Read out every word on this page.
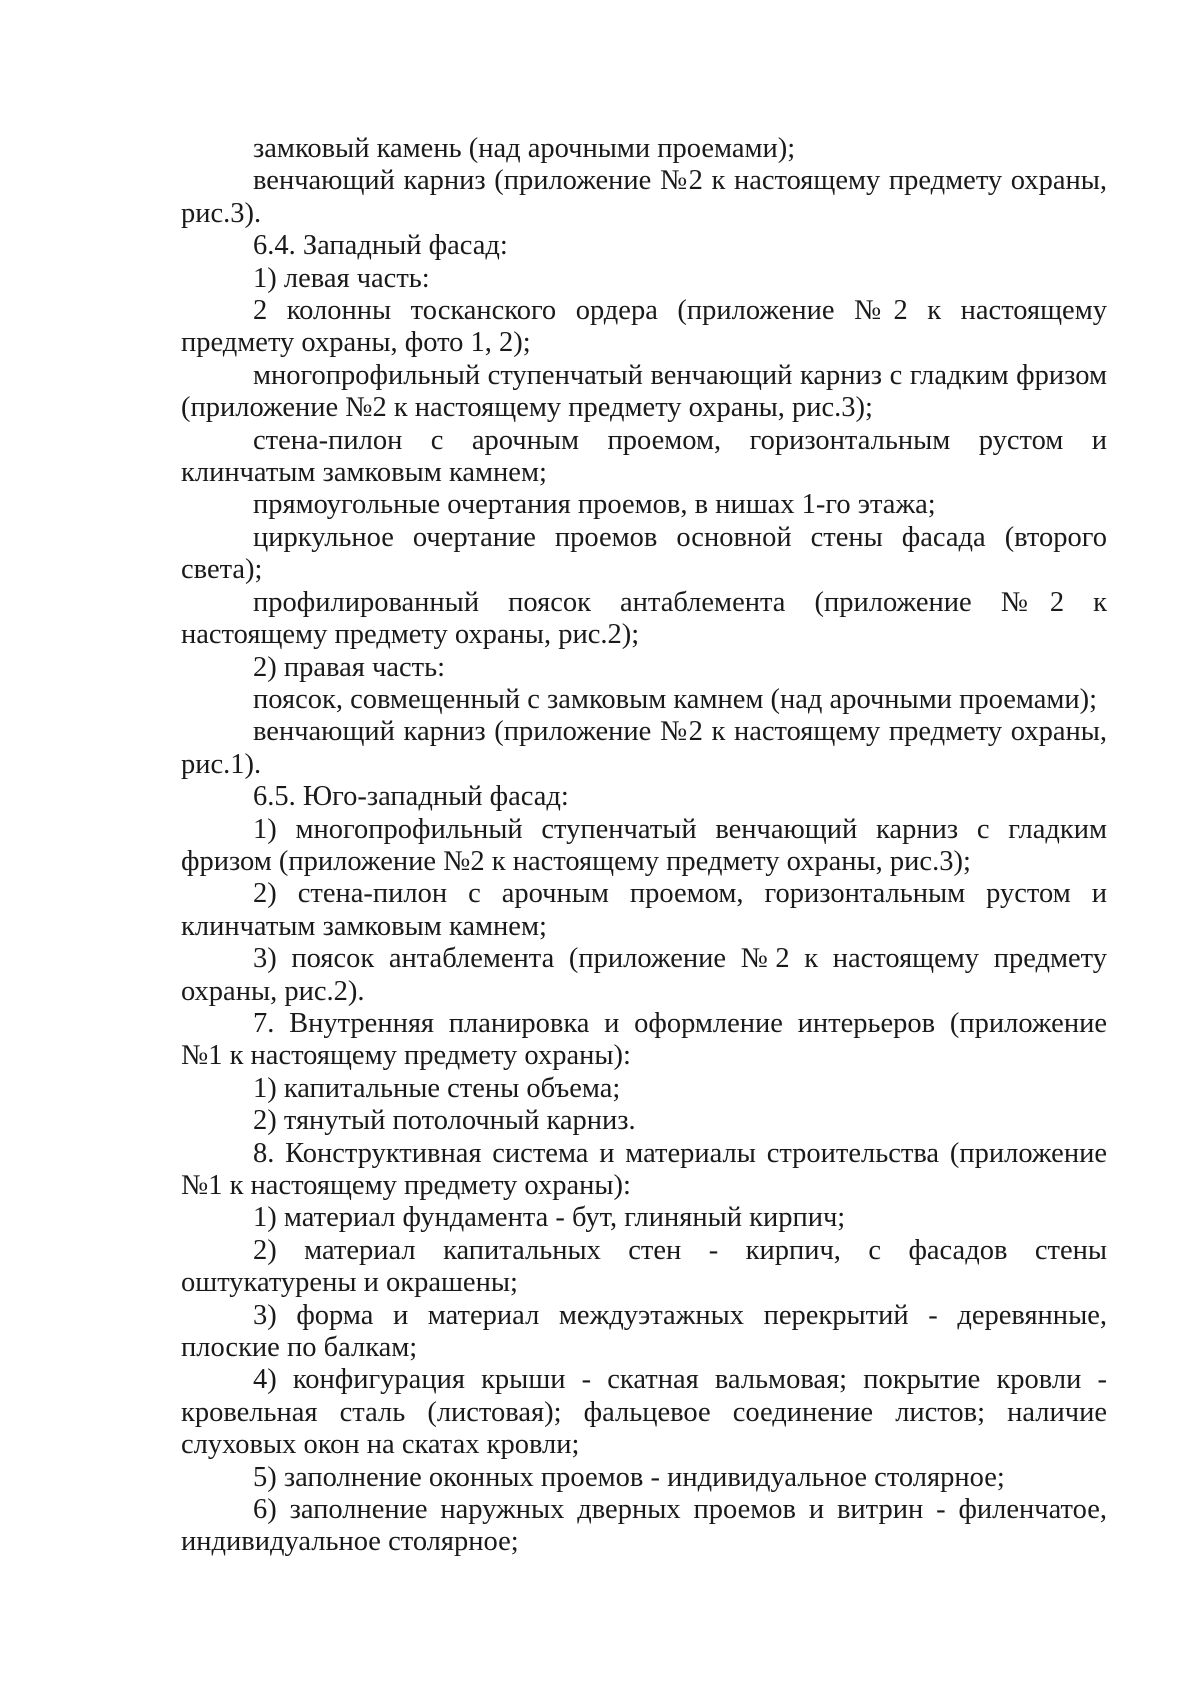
замковый камень (над арочными проемами);

венчающий карниз (приложение №2 к настоящему предмету охраны, рис.3).

6.4. Западный фасад:

1) левая часть:

2 колонны тосканского ордера (приложение №2 к настоящему предмету охраны, фото 1, 2);

многопрофильный ступенчатый венчающий карниз с гладким фризом (приложение №2 к настоящему предмету охраны, рис.3);

стена-пилон с арочным проемом, горизонтальным рустом и клинчатым замковым камнем;

прямоугольные очертания проемов, в нишах 1-го этажа;

циркульное очертание проемов основной стены фасада (второго света);

профилированный поясок антаблемента (приложение №2 к настоящему предмету охраны, рис.2);

2) правая часть:

поясок, совмещенный с замковым камнем (над арочными проемами);

венчающий карниз (приложение №2 к настоящему предмету охраны, рис.1).

6.5. Юго-западный фасад:

1) многопрофильный ступенчатый венчающий карниз с гладким фризом (приложение №2 к настоящему предмету охраны, рис.3);

2) стена-пилон с арочным проемом, горизонтальным рустом и клинчатым замковым камнем;

3) поясок антаблемента (приложение №2 к настоящему предмету охраны, рис.2).

7. Внутренняя планировка и оформление интерьеров (приложение №1 к настоящему предмету охраны):

1) капитальные стены объема;

2) тянутый потолочный карниз.

8. Конструктивная система и материалы строительства (приложение №1 к настоящему предмету охраны):

1) материал фундамента - бут, глиняный кирпич;

2) материал капитальных стен - кирпич, с фасадов стены оштукатурены и окрашены;

3) форма и материал междуэтажных перекрытий - деревянные, плоские по балкам;

4) конфигурация крыши - скатная вальмовая; покрытие кровли - кровельная сталь (листовая); фальцевое соединение листов; наличие слуховых окон на скатах кровли;

5) заполнение оконных проемов - индивидуальное столярное;

6) заполнение наружных дверных проемов и витрин - филенчатое, индивидуальное столярное;
